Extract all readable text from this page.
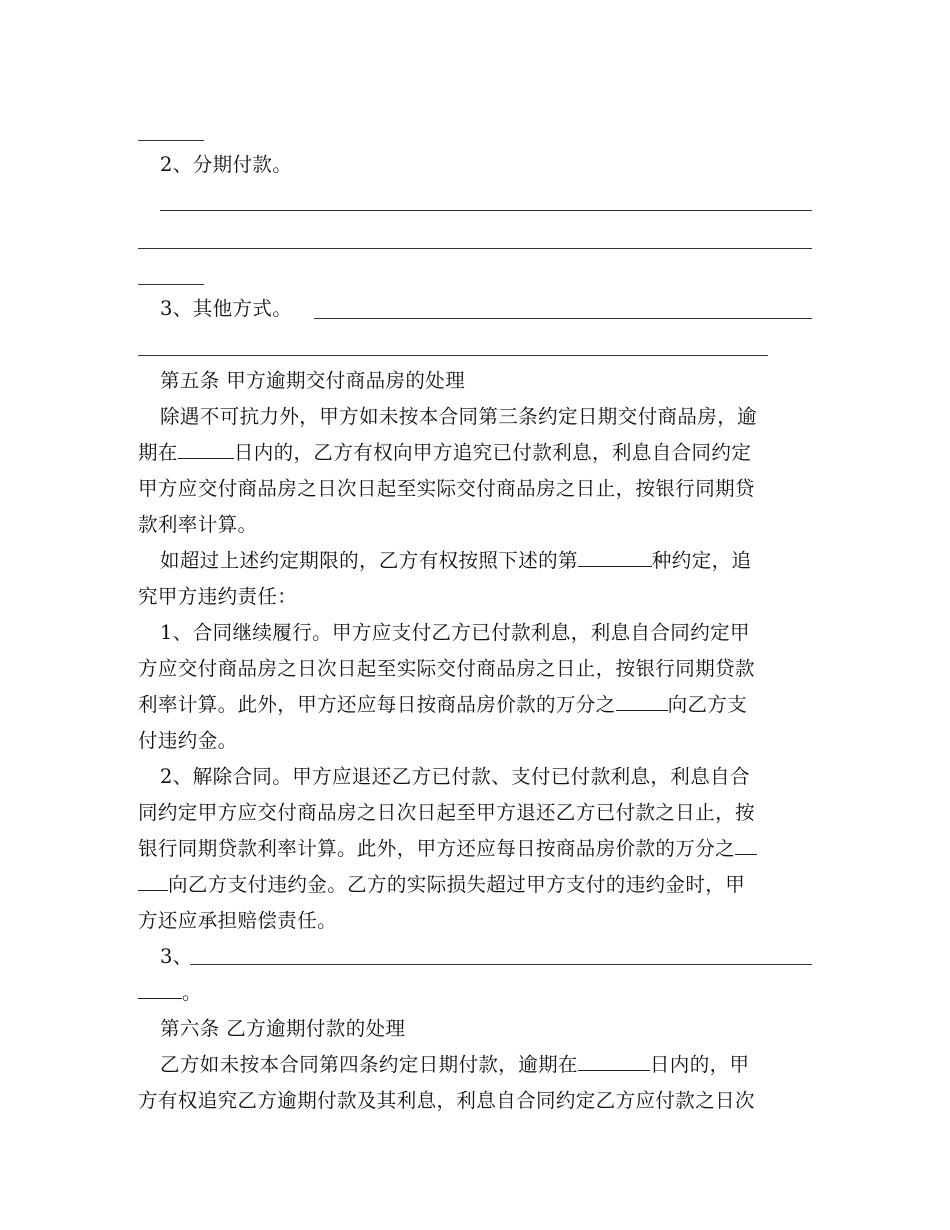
2、分期付款。
3、其他方式。
第五条 甲方逾期交付商品房的处理
除遇不可抗力外，甲方如未按本合同第三条约定日期交付商品房，逾
期在	日内的，乙方有权向甲方追究已付款利息，利息自合同约定
甲方应交付商品房之日次日起至实际交付商品房之日止，按银行同期贷
款利率计算。
如超过上述约定期限的，乙方有权按照下述的第	种约定，追
究甲方违约责任：
1、合同继续履行。甲方应支付乙方已付款利息，利息自合同约定甲
方应交付商品房之日次日起至实际交付商品房之日止，按银行同期贷款
利率计算。此外，甲方还应每日按商品房价款的万分之	向乙方支
付违约金。
2、解除合同。甲方应退还乙方已付款、支付已付款利息，利息自合
同约定甲方应交付商品房之日次日起至甲方退还乙方已付款之日止，按
银行同期贷款利率计算。此外，甲方还应每日按商品房价款的万分之
向乙方支付违约金。乙方的实际损失超过甲方支付的违约金时，甲
方还应承担赔偿责任。
3、
。
第六条 乙方逾期付款的处理
乙方如未按本合同第四条约定日期付款，逾期在	日内的，甲
方有权追究乙方逾期付款及其利息，利息自合同约定乙方应付款之日次
